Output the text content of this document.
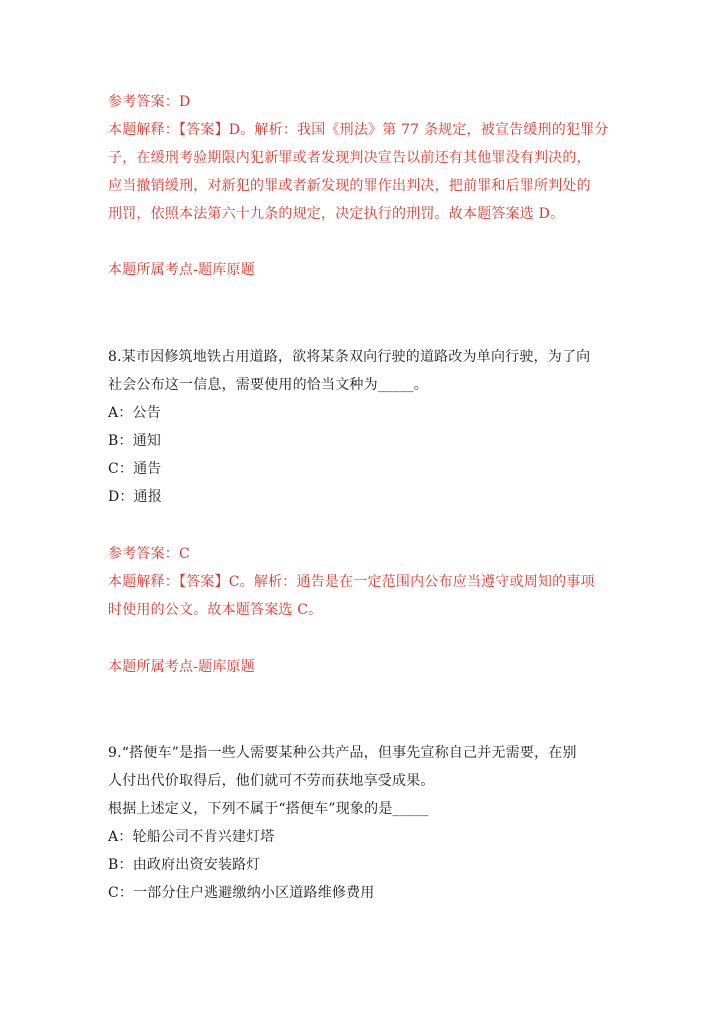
参考答案：D
本题解释：【答案】D。解析：我国《刑法》第 77 条规定，被宣告缓刑的犯罪分
子，在缓刑考验期限内犯新罪或者发现判决宣告以前还有其他罪没有判决的，
应当撤销缓刑，对新犯的罪或者新发现的罪作出判决，把前罪和后罪所判处的
刑罚，依照本法第六十九条的规定，决定执行的刑罚。故本题答案选 D。
本题所属考点-题库原题
8.某市因修筑地铁占用道路，欲将某条双向行驶的道路改为单向行驶，为了向
社会公布这一信息，需要使用的恰当文种为_____。
A：公告
B：通知
C：通告
D：通报
参考答案：C
本题解释：【答案】C。解析：通告是在一定范围内公布应当遵守或周知的事项
时使用的公文。故本题答案选 C。
本题所属考点-题库原题
9.“搭便车”是指一些人需要某种公共产品，但事先宣称自己并无需要，在别
人付出代价取得后，他们就可不劳而获地享受成果。
根据上述定义，下列不属于“搭便车”现象的是_____
A：轮船公司不肯兴建灯塔
B：由政府出资安装路灯
C：一部分住户逃避缴纳小区道路维修费用
